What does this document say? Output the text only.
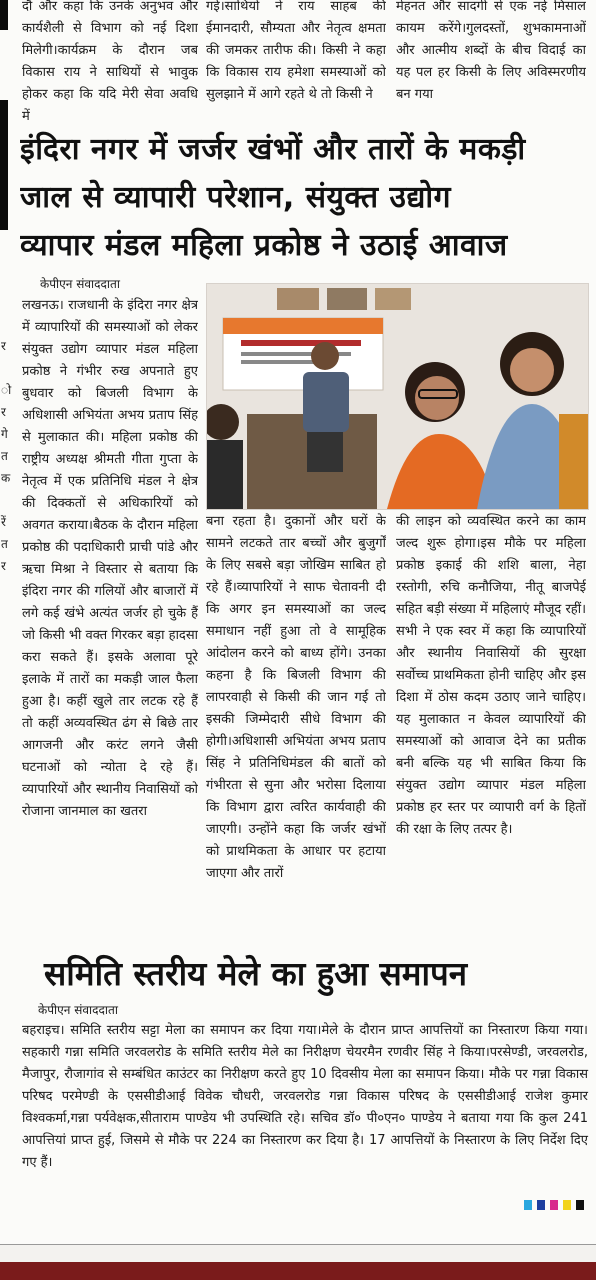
र
ो
र
गे
त
क
रें
त
र

दौं और कहा कि उनके अनुभव और कार्यशैली से विभाग को नई दिशा मिलेगी।कार्यक्रम के दौरान जब विकास राय ने साथियों से भावुक होकर कहा कि यदि मेरी सेवा अवधि में

गई।साथियों ने राय साहब की ईमानदारी, सौम्यता और नेतृत्व क्षमता की जमकर तारीफ की। किसी ने कहा कि विकास राय हमेशा समस्याओं को सुलझाने में आगे रहते थे तो किसी ने

मेहनत और सादगी से एक नई मिसाल कायम करेंगे।गुलदस्तों, शुभकामनाओं और आत्मीय शब्दों के बीच विदाई का यह पल हर किसी के लिए अविस्मरणीय बन गया

इंदिरा नगर में जर्जर खंभों और तारों के मकड़ी
जाल से व्यापारी परेशान, संयुक्त उद्योग
व्यापार मंडल महिला प्रकोष्ठ ने उठाई आवाज
केपीएन संवाददाता

लखनऊ। राजधानी के इंदिरा नगर क्षेत्र में व्यापारियों की समस्याओं को लेकर संयुक्त उद्योग व्यापार मंडल महिला प्रकोष्ठ ने गंभीर रुख अपनाते हुए बुधवार को बिजली विभाग के अधिशासी अभियंता अभय प्रताप सिंह से मुलाकात की। महिला प्रकोष्ठ की राष्ट्रीय अध्यक्ष श्रीमती गीता गुप्ता के नेतृत्व में एक प्रतिनिधि मंडल ने क्षेत्र की दिक्कतों से अधिकारियों को अवगत कराया।बैठक के दौरान महिला प्रकोष्ठ की पदाधिकारी प्राची पांडे और ऋचा मिश्रा ने विस्तार से बताया कि इंदिरा नगर की गलियों और बाजारों में लगे कई खंभे अत्यंत जर्जर हो चुके हैं जो किसी भी वक्त गिरकर बड़ा हादसा करा सकते हैं। इसके अलावा पूरे इलाके में तारों का मकड़ी जाल फैला हुआ है। कहीं खुले तार लटक रहे हैं तो कहीं अव्यवस्थित ढंग से बिछे तार आगजनी और करंट लगने जैसी घटनाओं को न्योता दे रहे हैं। व्यापारियों और स्थानीय निवासियों को रोजाना जानमाल का खतरा

बना रहता है। दुकानों और घरों के सामने लटकते तार बच्चों और बुजुर्गों के लिए सबसे बड़ा जोखिम साबित हो रहे हैं।व्यापारियों ने साफ चेतावनी दी कि अगर इन समस्याओं का जल्द समाधान नहीं हुआ तो वे सामूहिक आंदोलन करने को बाध्य होंगे। उनका कहना है कि बिजली विभाग की लापरवाही से किसी की जान गई तो इसकी जिम्मेदारी सीधे विभाग की होगी।अधिशासी अभियंता अभय प्रताप सिंह ने प्रतिनिधिमंडल की बातों को गंभीरता से सुना और भरोसा दिलाया कि विभाग द्वारा त्वरित कार्यवाही की जाएगी। उन्होंने कहा कि जर्जर खंभों को प्राथमिकता के आधार पर हटाया जाएगा और तारों

की लाइन को व्यवस्थित करने का काम जल्द शुरू होगा।इस मौके पर महिला प्रकोष्ठ इकाई की शशि बाला, नेहा रस्तोगी, रुचि कनौजिया, नीतू बाजपेई सहित बड़ी संख्या में महिलाएं मौजूद रहीं। सभी ने एक स्वर में कहा कि व्यापारियों और स्थानीय निवासियों की सुरक्षा सर्वोच्च प्राथमिकता होनी चाहिए और इस दिशा में ठोस कदम उठाए जाने चाहिए।यह मुलाकात न केवल व्यापारियों की समस्याओं को आवाज देने का प्रतीक बनी बल्कि यह भी साबित किया कि संयुक्त उद्योग व्यापार मंडल महिला प्रकोष्ठ हर स्तर पर व्यापारी वर्ग के हितों की रक्षा के लिए तत्पर है।

समिति स्तरीय मेले का हुआ समापन
केपीएन संवाददाता
बहराइच। समिति स्तरीय सट्टा मेला का समापन कर दिया गया।मेले के दौरान प्राप्त आपत्तियों का निस्तारण किया गया।सहकारी गन्ना समिति जरवलरोड के समिति स्तरीय मेले का निरीक्षण चेयरमैन रणवीर सिंह ने किया।परसेण्डी, जरवलरोड, मैजापुर, रौजागांव से सम्बंधित काउंटर का निरीक्षण करते हुए 10 दिवसीय मेला का समापन किया। मौके पर गन्ना विकास परिषद परमेण्डी के एससीडीआई विवेक चौधरी, जरवलरोड गन्ना विकास परिषद के एससीडीआई राजेश कुमार विश्वकर्मा,गन्ना पर्यवेक्षक,सीताराम पाण्डेय भी उपस्थिति रहे। सचिव डॉ० पी०एन० पाण्डेय ने बताया गया कि कुल 241 आपत्तियां प्राप्त हुई, जिसमे से मौके पर 224 का निस्तारण कर दिया है। 17 आपत्तियों के निस्तारण के लिए निर्देश दिए गए हैं।
